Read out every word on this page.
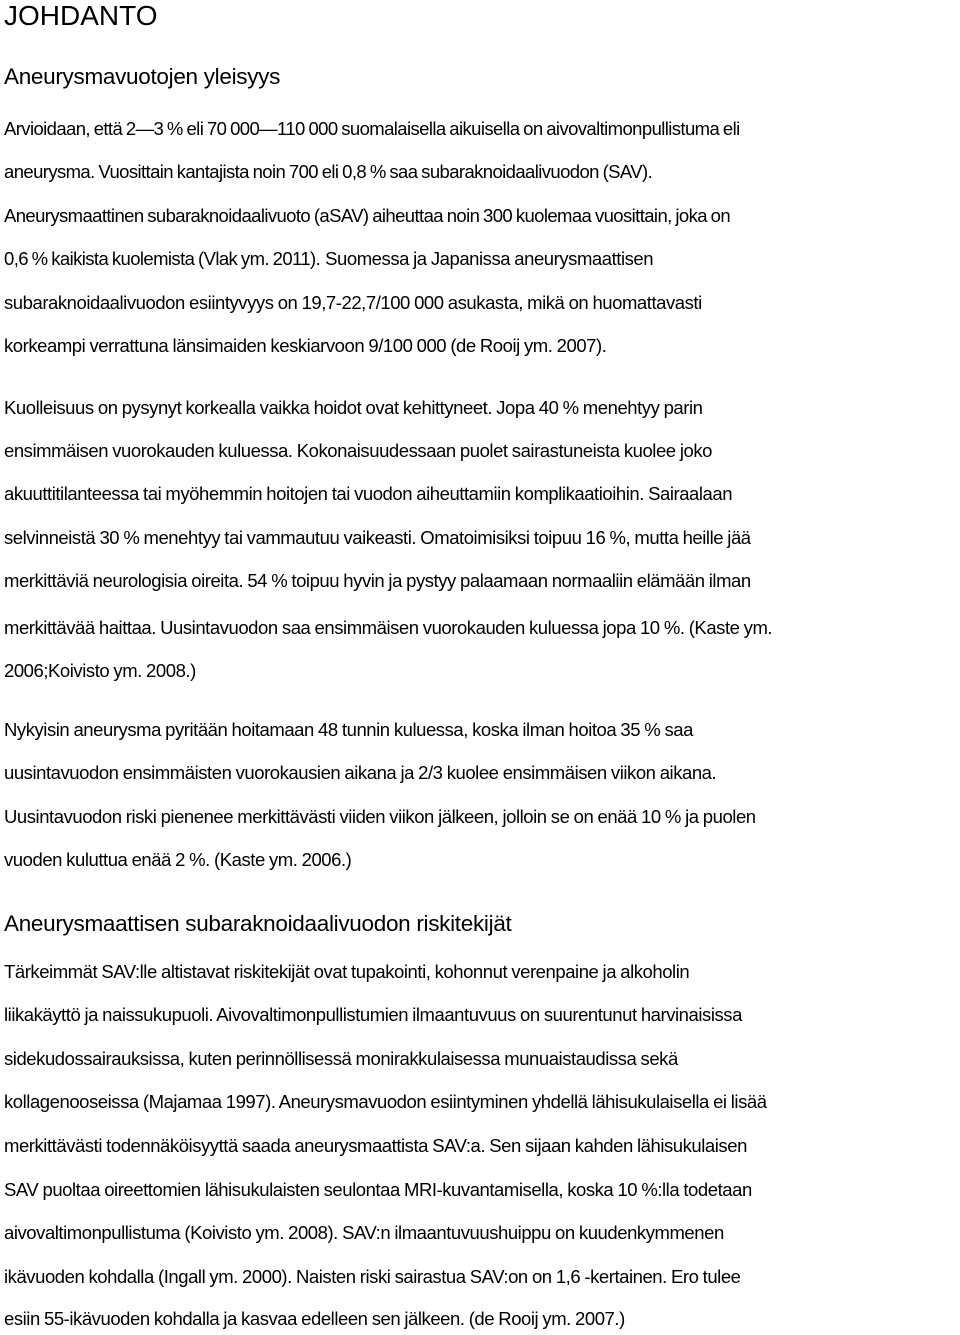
JOHDANTO
Aneurysmavuotojen yleisyys

Arvioidaan, että 2—3 % eli 70 000—110 000 suomalaisella aikuisella on aivovaltimonpullistuma eli

aneurysma. Vuosittain kantajista noin 700 eli 0,8 % saa subaraknoidaalivuodon (SAV).

Aneurysmaattinen subaraknoidaalivuoto (aSAV) aiheuttaa noin 300 kuolemaa vuosittain, joka on

0,6 % kaikista kuolemista (Vlak ym. 2011). Suomessa ja Japanissa aneurysmaattisen

subaraknoidaalivuodon esiintyvyys on 19,7-22,7/100 000 asukasta, mikä on huomattavasti

korkeampi verrattuna länsimaiden keskiarvoon 9/100 000 (de Rooij ym. 2007).

Kuolleisuus on pysynyt korkealla vaikka hoidot ovat kehittyneet. Jopa 40 % menehtyy parin

ensimmäisen vuorokauden kuluessa. Kokonaisuudessaan puolet sairastuneista kuolee joko

akuuttitilanteessa tai myöhemmin hoitojen tai vuodon aiheuttamiin komplikaatioihin. Sairaalaan

selvinneistä 30 % menehtyy tai vammautuu vaikeasti. Omatoimisiksi toipuu 16 %, mutta heille jää

merkittäviä neurologisia oireita. 54 % toipuu hyvin ja pystyy palaamaan normaaliin elämään ilman

merkittävää haittaa. Uusintavuodon saa ensimmäisen vuorokauden kuluessa jopa 10 %. (Kaste ym.

2006;Koivisto ym. 2008.)

Nykyisin aneurysma pyritään hoitamaan 48 tunnin kuluessa, koska ilman hoitoa 35 % saa

uusintavuodon ensimmäisten vuorokausien aikana ja 2/3 kuolee ensimmäisen viikon aikana.

Uusintavuodon riski pienenee merkittävästi viiden viikon jälkeen, jolloin se on enää 10 % ja puolen

vuoden kuluttua enää 2 %. (Kaste ym. 2006.)

Aneurysmaattisen subaraknoidaalivuodon riskitekijät

Tärkeimmät SAV:lle altistavat riskitekijät ovat tupakointi, kohonnut verenpaine ja alkoholin

liikakäyttö ja naissukupuoli. Aivovaltimonpullistumien ilmaantuvuus on suurentunut harvinaisissa

sidekudossairauksissa, kuten perinnöllisessä monirakkulaisessa munuaistaudissa sekä

kollagenooseissa (Majamaa 1997). Aneurysmavuodon esiintyminen yhdellä lähisukulaisella ei lisää

merkittävästi todennäköisyyttä saada aneurysmaattista SAV:a. Sen sijaan kahden lähisukulaisen

SAV puoltaa oireettomien lähisukulaisten seulontaa MRI-kuvantamisella, koska 10 %:lla todetaan

aivovaltimonpullistuma (Koivisto ym. 2008). SAV:n ilmaantuvuushuippu on kuudenkymmenen

ikävuoden kohdalla (Ingall ym. 2000). Naisten riski sairastua SAV:on on 1,6 -kertainen. Ero tulee

esiin 55-ikävuoden kohdalla ja kasvaa edelleen sen jälkeen. (de Rooij ym. 2007.)
